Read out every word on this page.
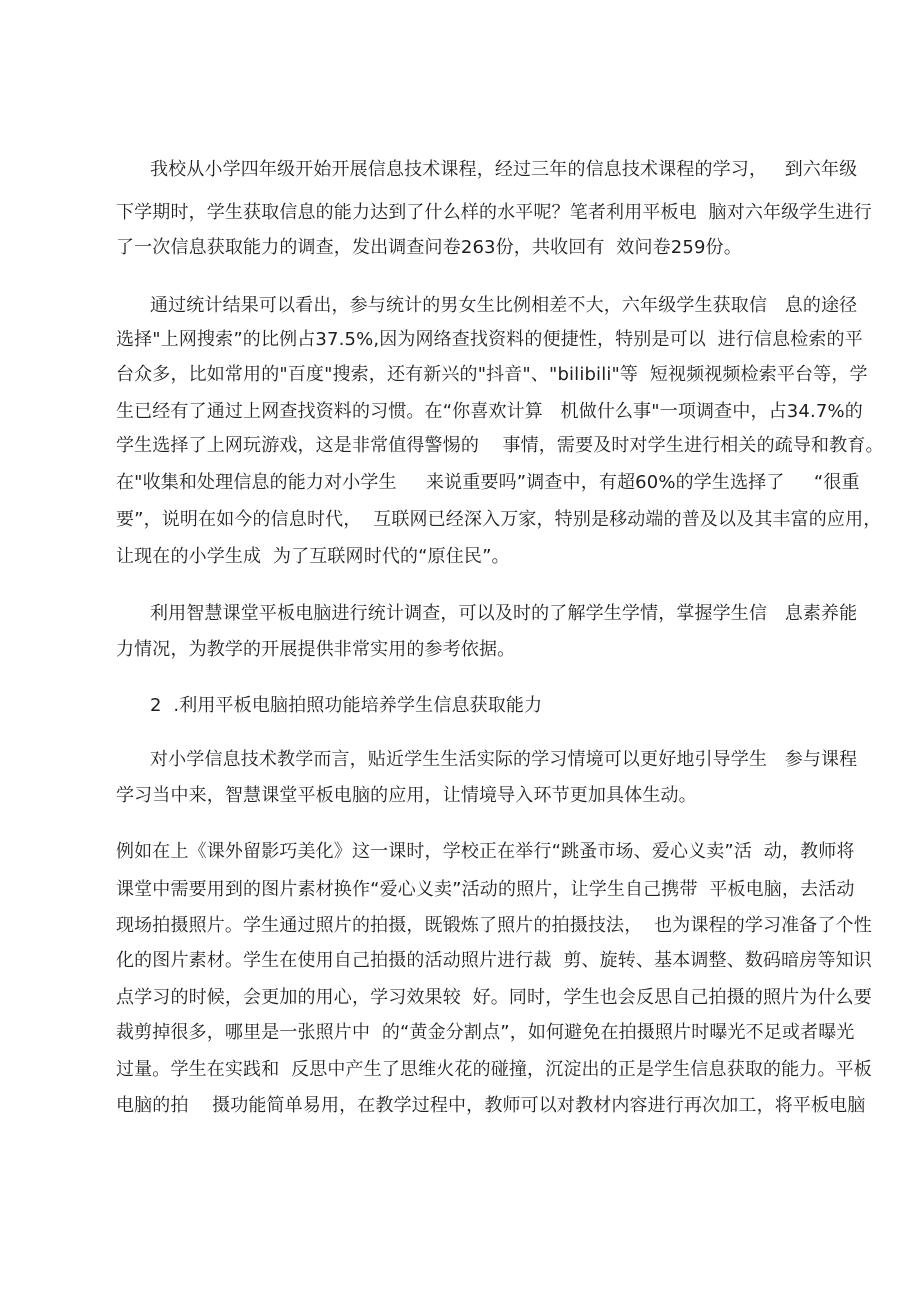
我校从小学四年级开始开展信息技术课程，经过三年的信息技术课程的学习，   到六年级
下学期时，学生获取信息的能力达到了什么样的水平呢？笔者利用平板电  脑对六年级学生进行
了一次信息获取能力的调查，发出调查问卷263份，共收回有  效问卷259份。
通过统计结果可以看出，参与统计的男女生比例相差不大，六年级学生获取信   息的途径
选择"上网搜索”的比例占37.5%,因为网络查找资料的便捷性，特别是可以  进行信息检索的平
台众多，比如常用的"百度"搜索，还有新兴的"抖音"、"bilibili"等  短视频视频检索平台等，学
生已经有了通过上网查找资料的习惯。在“你喜欢计算   机做什么事"一项调查中，占34.7%的
学生选择了上网玩游戏，这是非常值得警惕的    事情，需要及时对学生进行相关的疏导和教育。
在"收集和处理信息的能力对小学生     来说重要吗”调查中，有超60%的学生选择了     “很重
要”，说明在如今的信息时代，  互联网已经深入万家，特别是移动端的普及以及其丰富的应用，
让现在的小学生成  为了互联网时代的“原住民”。
利用智慧课堂平板电脑进行统计调查，可以及时的了解学生学情，掌握学生信   息素养能
力情况，为教学的开展提供非常实用的参考依据。
2  .利用平板电脑拍照功能培养学生信息获取能力
对小学信息技术教学而言，贴近学生生活实际的学习情境可以更好地引导学生   参与课程
学习当中来，智慧课堂平板电脑的应用，让情境导入环节更加具体生动。
例如在上《课外留影巧美化》这一课时，学校正在举行“跳蚤市场、爱心义卖”活  动，教师将
课堂中需要用到的图片素材换作“爱心义卖”活动的照片，让学生自己携带  平板电脑，去活动
现场拍摄照片。学生通过照片的拍摄，既锻炼了照片的拍摄技法，  也为课程的学习准备了个性
化的图片素材。学生在使用自己拍摄的活动照片进行裁  剪、旋转、基本调整、数码暗房等知识
点学习的时候，会更加的用心，学习效果较  好。同时，学生也会反思自己拍摄的照片为什么要
裁剪掉很多，哪里是一张照片中  的“黄金分割点”，如何避免在拍摄照片时曝光不足或者曝光
过量。学生在实践和  反思中产生了思维火花的碰撞，沉淀出的正是学生信息获取的能力。平板
电脑的拍    摄功能简单易用，在教学过程中，教师可以对教材内容进行再次加工，将平板电脑
